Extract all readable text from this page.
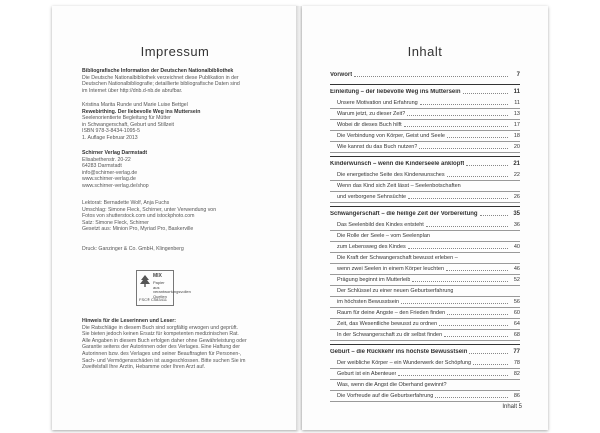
Impressum
Bibliografische Information der Deutschen Nationalbibliothek
Die Deutsche Nationalbibliothek verzeichnet diese Publikation in der
Deutschen Nationalbibliografie; detaillierte bibliografische Daten sind
im Internet über http://dnb.d-nb.de abrufbar.
Kristina Marita Runde und Marie Luise Bettgel
Rewebirthing. Der liebevolle Weg ins Muttersein
Seelenorientierte Begleitung für Mütter
in Schwangerschaft, Geburt und Stillzeit
ISBN 978-3-8434-1095-5
1. Auflage Februar 2013
Schirner Verlag Darmstadt
Elisabethenstr. 20-22
64283 Darmstadt
info@schirner-verlag.de
www.schirner-verlag.de
www.schirner-verlag.de/shop
Lektorat: Bernadette Wolf, Anja Fuchs
Umschlag: Simone Fleck, Schirner, unter Verwendung von
Fotos von shutterstock.com und istockphoto.com
Satz: Simone Fleck, Schirner
Gesetzt aus: Minion Pro, Myriad Pro, Baskerville
Druck: Ganzinger & Co. GmbH, Klingenberg
MIX
Papier aus verantwortungsvollen Quellen
FSC® C083411
Hinweis für die Leserinnen und Leser:
Die Ratschläge in diesem Buch sind sorgfältig erwogen und geprüft.
Sie bieten jedoch keinen Ersatz für kompetenten medizinischen Rat.
Alle Angaben in diesem Buch erfolgen daher ohne Gewährleistung oder
Garantie seitens der Autorinnen oder des Verlages. Eine Haftung der
Autorinnen bzw. des Verlages und seiner Beauftragten für Personen-,
Sach- und Vermögensschäden ist ausgeschlossen. Bitte suchen Sie im
Zweifelsfall Ihre Ärztin, Hebamme oder Ihren Arzt auf.
Inhalt
Vorwort	7
Einleitung – der liebevolle Weg ins Muttersein	11
Unsere Motivation und Erfahrung	11
Warum jetzt, zu dieser Zeit?	13
Wobei dir dieses Buch hilft	17
Die Verbindung von Körper, Geist und Seele	18
Wie kannst du das Buch nutzen?	20
Kinderwunsch – wenn die Kinderseele anklopft	21
Die energetische Seite des Kinderwunsches	22
Wenn das Kind sich Zeit lässt – Seelenbotschaften
und verborgene Sehnsüchte	26
Schwangerschaft – die heilige Zeit der Vorbereitung	35
Das Seelenbild des Kindes entsteht	36
Die Rolle der Seele – vom Seelenplan
zum Lebensweg des Kindes	40
Die Kraft der Schwangerschaft bewusst erleben –
wenn zwei Seelen in einem Körper leuchten	46
Prägung beginnt im Mutterleib	52
Der Schlüssel zu einer neuen Geburtserfahrung
im höchsten Bewusstsein	56
Raum für deine Ängste – den Frieden finden	60
Zeit, das Wesentliche bewusst zu ordnen	64
In der Schwangerschaft zu dir selbst finden	68
Geburt – die Rückkehr ins höchste Bewusstsein	77
Der weibliche Körper – ein Wunderwerk der Schöpfung	78
Geburt ist ein Abenteuer	82
Was, wenn die Angst die Oberhand gewinnt?
Die Vorfreude auf die Geburtserfahrung	86
Inhalt 5
